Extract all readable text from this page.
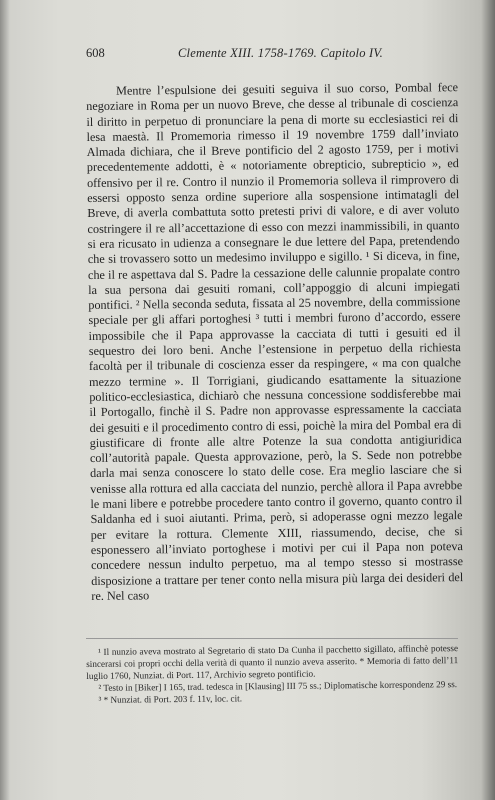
608	Clemente XIII. 1758-1769. Capitolo IV.

Mentre l’espulsione dei gesuiti seguiva il suo corso, Pombal fece negoziare in Roma per un nuovo Breve, che desse al tribunale di coscienza il diritto in perpetuo di pronunciare la pena di morte su ecclesiastici rei di lesa maestà. Il Promemoria rimesso il 19 novembre 1759 dall’inviato Almada dichiara, che il Breve pontificio del 2 agosto 1759, per i motivi precedentemente addotti, è « notoriamente obrepticio, subrepticio », ed offensivo per il re. Contro il nunzio il Promemoria solleva il rimprovero di essersi opposto senza ordine superiore alla sospensione intimatagli del Breve, di averla combattuta sotto pretesti privi di valore, e di aver voluto costringere il re all’accettazione di esso con mezzi inammissibili, in quanto si era ricusato in udienza a consegnare le due lettere del Papa, pretendendo che si trovassero sotto un medesimo inviluppo e sigillo. ¹ Si diceva, in fine, che il re aspettava dal S. Padre la cessazione delle calunnie propalate contro la sua persona dai gesuiti romani, coll’appoggio di alcuni impiegati pontifici. ² Nella seconda seduta, fissata al 25 novembre, della commissione speciale per gli affari portoghesi ³ tutti i membri furono d’accordo, essere impossibile che il Papa approvasse la cacciata di tutti i gesuiti ed il sequestro dei loro beni. Anche l’estensione in perpetuo della richiesta facoltà per il tribunale di coscienza esser da respingere, « ma con qualche mezzo termine ». Il Torrigiani, giudicando esattamente la situazione politico-ecclesiastica, dichiarò che nessuna concessione soddisferebbe mai il Portogallo, finchè il S. Padre non approvasse espressamente la cacciata dei gesuiti e il procedimento contro di essi, poichè la mira del Pombal era di giustificare di fronte alle altre Potenze la sua condotta antigiuridica coll’autorità papale. Questa approvazione, però, la S. Sede non potrebbe darla mai senza conoscere lo stato delle cose. Era meglio lasciare che si venisse alla rottura ed alla cacciata del nunzio, perchè allora il Papa avrebbe le mani libere e potrebbe procedere tanto contro il governo, quanto contro il Saldanha ed i suoi aiutanti. Prima, però, si adoperasse ogni mezzo legale per evitare la rottura. Clemente XIII, riassumendo, decise, che si esponessero all’inviato portoghese i motivi per cui il Papa non poteva concedere nessun indulto perpetuo, ma al tempo stesso si mostrasse disposizione a trattare per tener conto nella misura più larga dei desideri del re. Nel caso

¹ Il nunzio aveva mostrato al Segretario di stato Da Cunha il pacchetto sigillato, affinchè potesse sincerarsi coi propri occhi della verità di quanto il nunzio aveva asserito. * Memoria di fatto dell’11 luglio 1760, Nunziat. di Port. 117, Archivio segreto pontificio.

² Testo in [Biker] I 165, trad. tedesca in [Klausing] III 75 ss.; Diplomatische korrespondenz 29 ss.

³ * Nunziat. di Port. 203 f. 11v, loc. cit.
